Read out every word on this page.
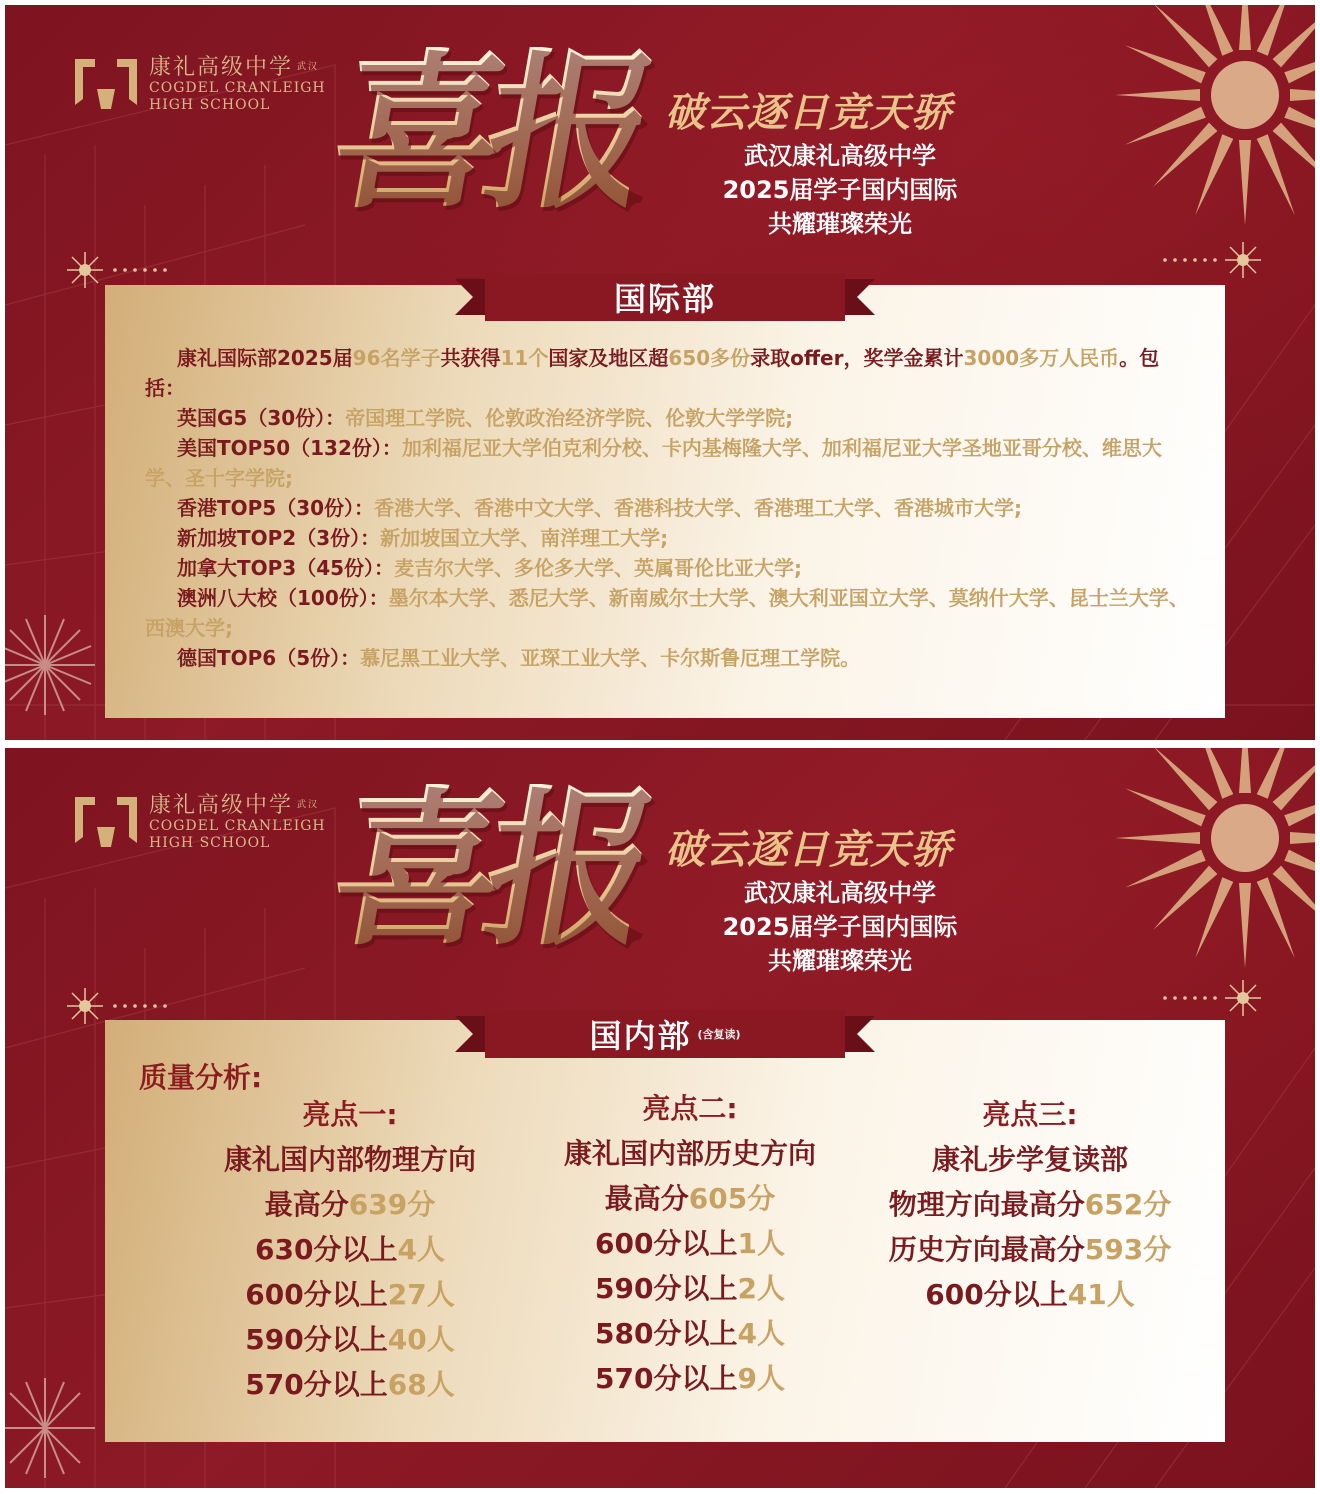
康礼高级中学 武汉
COGDEL CRANLEIGH
HIGH SCHOOL 喜报 破云逐日竞天骄
武汉康礼高级中学
2025届学子国内国际
共耀璀璨荣光

康礼国际部2025届96名学子共获得11个国家及地区超650多份录取offer，奖学金累计3000多万人民币。包括：

英国G5（30份）：帝国理工学院、伦敦政治经济学院、伦敦大学学院;

美国TOP50（132份）：加利福尼亚大学伯克利分校、卡内基梅隆大学、加利福尼亚大学圣地亚哥分校、维思大学、圣十字学院;

香港TOP5（30份）：香港大学、香港中文大学、香港科技大学、香港理工大学、香港城市大学;

新加坡TOP2（3份）：新加坡国立大学、南洋理工大学;

加拿大TOP3（45份）：麦吉尔大学、多伦多大学、英属哥伦比亚大学;

澳洲八大校（100份）：墨尔本大学、悉尼大学、新南威尔士大学、澳大利亚国立大学、莫纳什大学、昆士兰大学、西澳大学;

德国TOP6（5份）：慕尼黑工业大学、亚琛工业大学、卡尔斯鲁厄理工学院。

国际部
康礼高级中学 武汉
COGDEL CRANLEIGH
HIGH SCHOOL 喜报 破云逐日竞天骄
武汉康礼高级中学
2025届学子国内国际
共耀璀璨荣光
质量分析:
亮点一:
康礼国内部物理方向
最高分639分
630分以上4人
600分以上27人
590分以上40人
570分以上68人
亮点二:
康礼国内部历史方向
最高分605分
600分以上1人
590分以上2人
580分以上4人
570分以上9人
亮点三:
康礼步学复读部
物理方向最高分652分
历史方向最高分593分
600分以上41人
国内部 (含复读)
